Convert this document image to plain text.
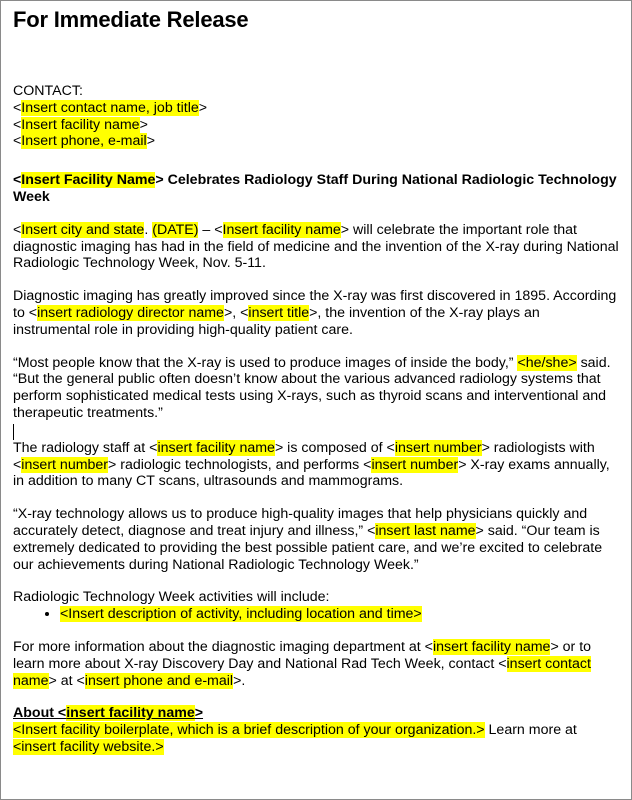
For Immediate Release

CONTACT:

<Insert contact name, job title>

<Insert facility name>

<Insert phone, e-mail>

<Insert Facility Name> Celebrates Radiology Staff During National Radiologic Technology Week

<Insert city and state. (DATE) – <Insert facility name> will celebrate the important role that diagnostic imaging has had in the field of medicine and the invention of the X-ray during National Radiologic Technology Week, Nov. 5-11.

Diagnostic imaging has greatly improved since the X-ray was first discovered in 1895. According to <insert radiology director name>, <insert title>, the invention of the X-ray plays an instrumental role in providing high-quality patient care.

“Most people know that the X-ray is used to produce images of inside the body,” <he/she> said. “But the general public often doesn’t know about the various advanced radiology systems that perform sophisticated medical tests using X-rays, such as thyroid scans and interventional and therapeutic treatments.”

The radiology staff at <insert facility name> is composed of <insert number> radiologists with <insert number> radiologic technologists, and performs <insert number> X-ray exams annually, in addition to many CT scans, ultrasounds and mammograms.

“X-ray technology allows us to produce high-quality images that help physicians quickly and accurately detect, diagnose and treat injury and illness,” <insert last name> said. “Our team is extremely dedicated to providing the best possible patient care, and we’re excited to celebrate our achievements during National Radiologic Technology Week.”

Radiologic Technology Week activities will include:

• <Insert description of activity, including location and time>

For more information about the diagnostic imaging department at <insert facility name> or to learn more about X-ray Discovery Day and National Rad Tech Week, contact <insert contact name> at <insert phone and e-mail>.

About <insert facility name>

<Insert facility boilerplate, which is a brief description of your organization.> Learn more at <insert facility website.>
